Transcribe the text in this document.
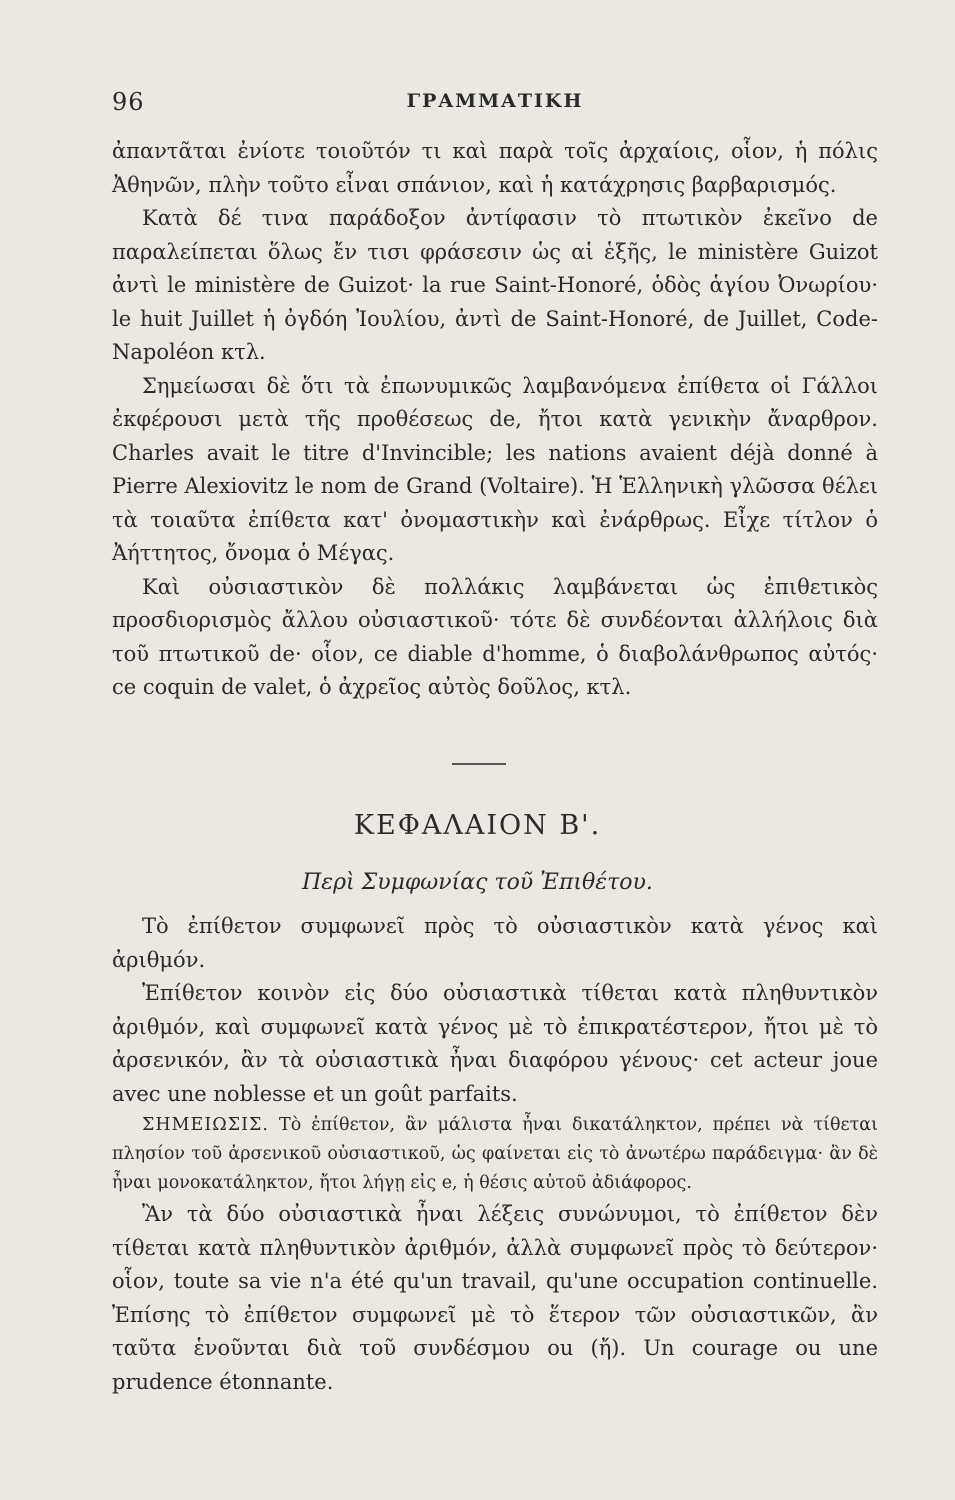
96	ΓΡΑΜΜΑΤΙΚΗ

ἀπαντᾶται ἐνίοτε τοιοῦτόν τι καὶ παρὰ τοῖς ἀρχαίοις, οἷον, ἡ πόλις Ἀθηνῶν, πλὴν τοῦτο εἶναι σπάνιον, καὶ ἡ κατάχρησις βαρβαρισμός.

Κατὰ δέ τινα παράδοξον ἀντίφασιν τὸ πτωτικὸν ἐκεῖνο de παραλείπεται ὅλως ἔν τισι φράσεσιν ὡς αἱ ἑξῆς, le ministère Guizot ἀντὶ le ministère de Guizot· la rue Saint-Honoré, ὁδὸς ἁγίου Ὀνωρίου· le huit Juillet ἡ ὀγδόη Ἰουλίου, ἀντὶ de Saint-Honoré, de Juillet, Code-Napoléon κτλ.

Σημείωσαι δὲ ὅτι τὰ ἐπωνυμικῶς λαμβανόμενα ἐπίθετα οἱ Γάλλοι ἐκφέρουσι μετὰ τῆς προθέσεως de, ἤτοι κατὰ γενικὴν ἄναρθρον. Charles avait le titre d'Invincible; les nations avaient déjà donné à Pierre Alexiovitz le nom de Grand (Voltaire). Ἡ Ἑλληνικὴ γλῶσσα θέλει τὰ τοιαῦτα ἐπίθετα κατ' ὀνομαστικὴν καὶ ἐνάρθρως. Εἶχε τίτλον ὁ Ἀήττητος, ὄνομα ὁ Μέγας.

Καὶ οὐσιαστικὸν δὲ πολλάκις λαμβάνεται ὡς ἐπιθετικὸς προσδιορισμὸς ἄλλου οὐσιαστικοῦ· τότε δὲ συνδέονται ἀλλήλοις διὰ τοῦ πτωτικοῦ de· οἷον, ce diable d'homme, ὁ διαβολάνθρωπος αὐτός· ce coquin de valet, ὁ ἀχρεῖος αὐτὸς δοῦλος, κτλ.

ΚΕΦΑΛΑΙΟΝ Β'.
Περὶ Συμφωνίας τοῦ Ἐπιθέτου.

Τὸ ἐπίθετον συμφωνεῖ πρὸς τὸ οὐσιαστικὸν κατὰ γένος καὶ ἀριθμόν.

Ἐπίθετον κοινὸν εἰς δύο οὐσιαστικὰ τίθεται κατὰ πληθυντικὸν ἀριθμόν, καὶ συμφωνεῖ κατὰ γένος μὲ τὸ ἐπικρατέστερον, ἤτοι μὲ τὸ ἀρσενικόν, ἂν τὰ οὐσιαστικὰ ἦναι διαφόρου γένους· cet acteur joue avec une noblesse et un goût parfaits.

ΣΗΜΕΙΩΣΙΣ. Τὸ ἐπίθετον, ἂν μάλιστα ἦναι δικατάληκτον, πρέπει νὰ τίθεται πλησίον τοῦ ἀρσενικοῦ οὐσιαστικοῦ, ὡς φαίνεται εἰς τὸ ἀνωτέρω παράδειγμα· ἂν δὲ ἦναι μονοκατάληκτον, ἤτοι λήγῃ εἰς e, ἡ θέσις αὐτοῦ ἀδιάφορος.

Ἂν τὰ δύο οὐσιαστικὰ ἦναι λέξεις συνώνυμοι, τὸ ἐπίθετον δὲν τίθεται κατὰ πληθυντικὸν ἀριθμόν, ἀλλὰ συμφωνεῖ πρὸς τὸ δεύτερον· οἷον, toute sa vie n'a été qu'un travail, qu'une occupation continuelle. Ἐπίσης τὸ ἐπίθετον συμφωνεῖ μὲ τὸ ἕτερον τῶν οὐσιαστικῶν, ἂν ταῦτα ἑνοῦνται διὰ τοῦ συνδέσμου ou (ἤ). Un courage ou une prudence étonnante.
